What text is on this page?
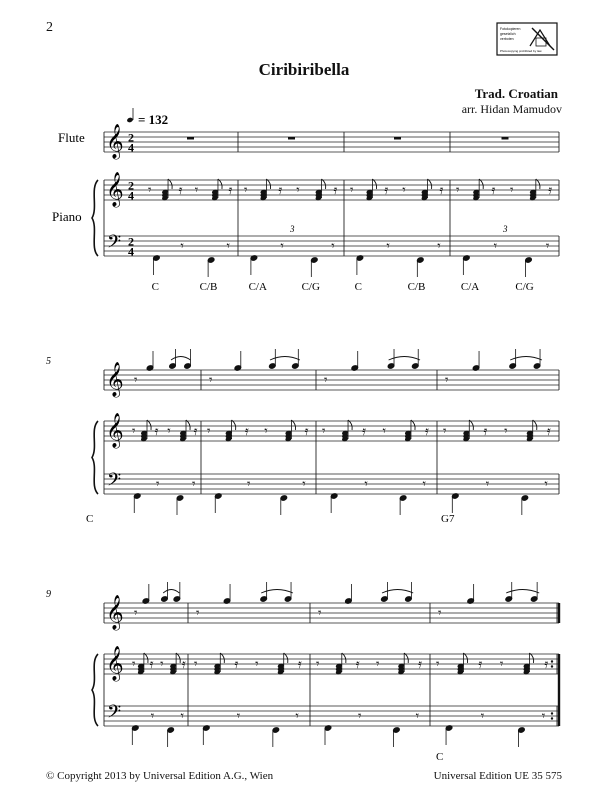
2
Ciribiribella
Trad. Croatian
arr. Hidan Mamudov
© Copyright 2013 by Universal Edition A.G., Wien	Universal Edition UE 35 575
Fotokopieren
gesetzlich
verboten
Photocopying prohibited by law
Flute
Piano
= 132
𝄞
𝄞
𝄢
2
4
2
4
2
4
𝄾 𝄿 𝄾 𝄿
𝄾	𝄾
𝄾 𝄿 𝄾	𝄿
𝄾	𝄾
𝄾 𝄿 𝄾	𝄿
𝄾	𝄾
𝄾 𝄿 𝄾	𝄿
𝄾	𝄾
C	C/B	C/A	C/G	C	C/B	C/A	C/G
𝄞
𝄞
𝄢
5
𝄾
𝄾 𝄿 𝄾 𝄿
𝄾	𝄾
𝄾
𝄾	𝄿 𝄾	𝄿
𝄾	𝄾
𝄾
𝄾	𝄿 𝄾	𝄿
𝄾	𝄾
𝄾
𝄾	𝄿 𝄾	𝄿
𝄾	𝄾
C	G7
𝄞
𝄞
𝄢
9
𝄾
𝄾 𝄿 𝄾 𝄿
𝄾 𝄾
𝄾
𝄾	𝄿 𝄾	𝄿
𝄾	𝄾
𝄾
𝄾	𝄿 𝄾	𝄿
𝄾	𝄾
𝄾
𝄾	𝄿 𝄾	𝄿
𝄾	𝄾
C
3	3
